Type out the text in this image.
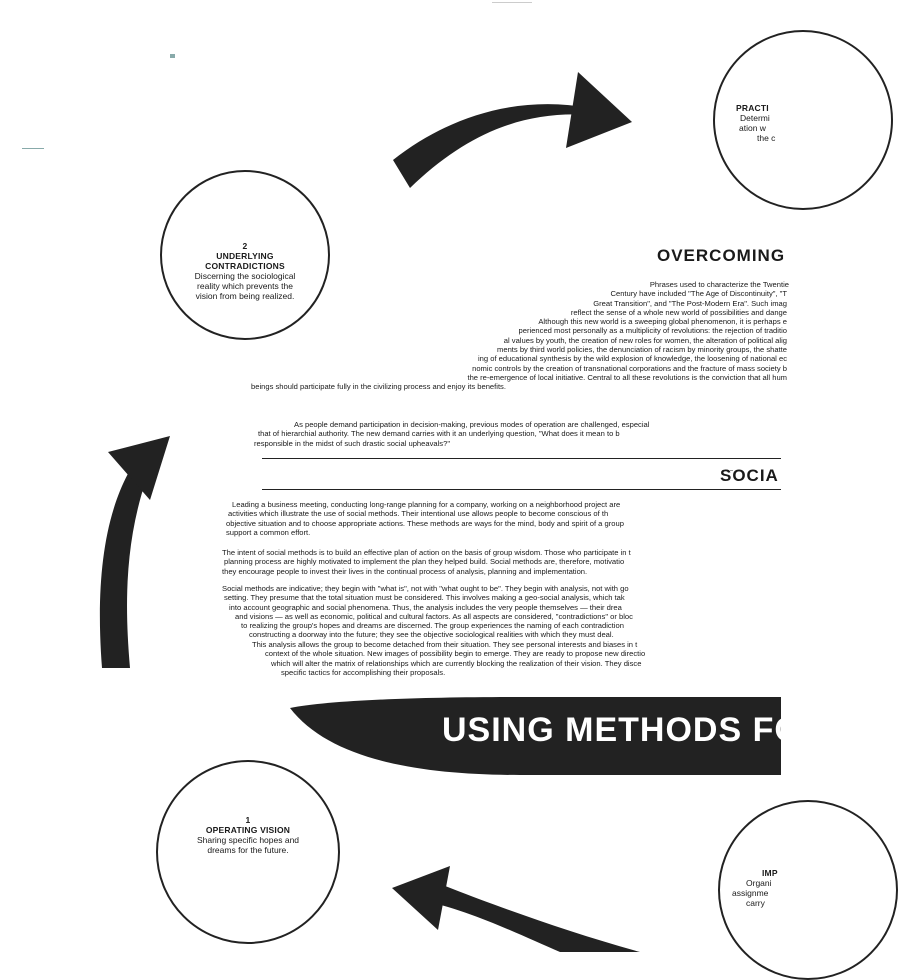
PRACTI
Determi
ation w
the c
2
UNDERLYING
CONTRADICTIONS
Discerning the sociological
reality which prevents the
vision from being realized.
1
OPERATING VISION
Sharing specific hopes and
dreams for the future.
IMP
Organi
assignme
carry
OVERCOMING
Phrases used to characterize the Twentie
Century have included "The Age of Discontinuity", "T
Great Transition", and "The Post-Modern Era". Such imag
reflect the sense of a whole new world of possibilities and dange
Although this new world is a sweeping global phenomenon, it is perhaps e
perienced most personally as a multiplicity of revolutions: the rejection of traditio
al values by youth, the creation of new roles for women, the alteration of political alig
ments by third world policies, the denunciation of racism by minority groups, the shatte
ing of educational synthesis by the wild explosion of knowledge, the loosening of national ec
nomic controls by the creation of transnational corporations and the fracture of mass society b
the re-emergence of local initiative. Central to all these revolutions is the conviction that all hum
beings should participate fully in the civilizing process and enjoy its benefits.
As people demand participation in decision-making, previous modes of operation are challenged, especial
that of hierarchial authority. The new demand carries with it an underlying question, "What does it mean to b
responsible in the midst of such drastic social upheavals?"
SOCIA
Leading a business meeting, conducting long-range planning for a company, working on a neighborhood project are
activities which illustrate the use of social methods. Their intentional use allows people to become conscious of th
objective situation and to choose appropriate actions. These methods are ways for the mind, body and spirit of a group
support a common effort.
The intent of social methods is to build an effective plan of action on the basis of group wisdom. Those who participate in t
planning process are highly motivated to implement the plan they helped build. Social methods are, therefore, motivatio
they encourage people to invest their lives in the continual process of analysis, planning and implementation.
Social methods are indicative; they begin with "what is", not with "what ought to be". They begin with analysis, not with go
setting. They presume that the total situation must be considered. This involves making a geo-social analysis, which tak
into account geographic and social phenomena. Thus, the analysis includes the very people themselves — their drea
and visions — as well as economic, political and cultural factors. As all aspects are considered, "contradictions" or bloc
to realizing the group's hopes and dreams are discerned. The group experiences the naming of each contradiction
constructing a doorway into the future; they see the objective sociological realities with which they must deal.
This analysis allows the group to become detached from their situation. They see personal interests and biases in t
context of the whole situation. New images of possibility begin to emerge. They are ready to propose new directio
which will alter the matrix of relationships which are currently blocking the realization of their vision. They disce
specific tactics for accomplishing their proposals.
USING METHODS FOR
